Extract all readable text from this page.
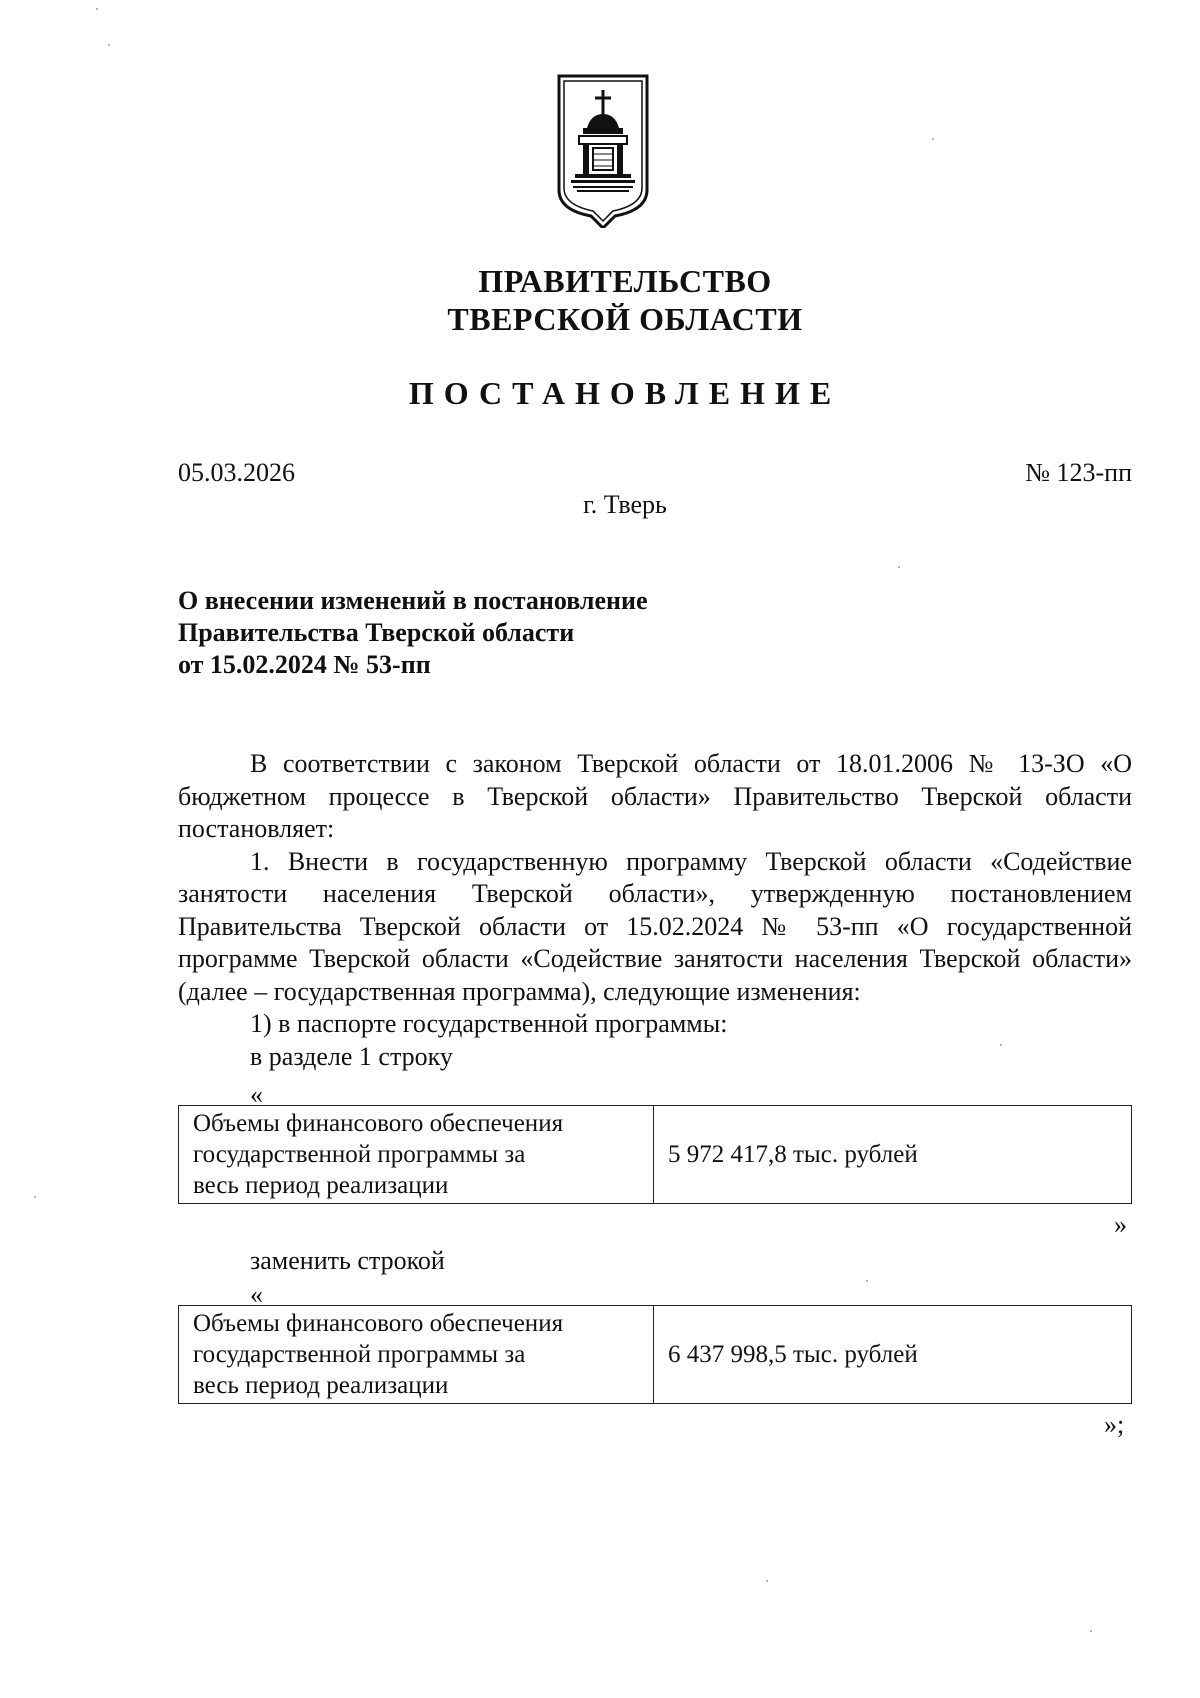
ПРАВИТЕЛЬСТВО
ТВЕРСКОЙ ОБЛАСТИ
ПОСТАНОВЛЕНИЕ
05.03.2026	№ 123-пп
г. Тверь
О внесении изменений в постановление
Правительства Тверской области
от 15.02.2024 № 53-пп

В соответствии с законом Тверской области от 18.01.2006 № 13-ЗО «О бюджетном процессе в Тверской области» Правительство Тверской области постановляет:

1. Внести в государственную программу Тверской области «Содействие занятости населения Тверской области», утвержденную постановлением Правительства Тверской области от 15.02.2024 № 53-пп «О государственной программе Тверской области «Содействие занятости населения Тверской области» (далее – государственная программа), следующие изменения:

1) в паспорте государственной программы:

в разделе 1 строку

«
Объемы финансового обеспечения
государственной программы за
весь период реализации
	5 972 417,8 тыс. рублей
»
заменить строкой
«
Объемы финансового обеспечения
государственной программы за
весь период реализации
	6 437 998,5 тыс. рублей
»;
